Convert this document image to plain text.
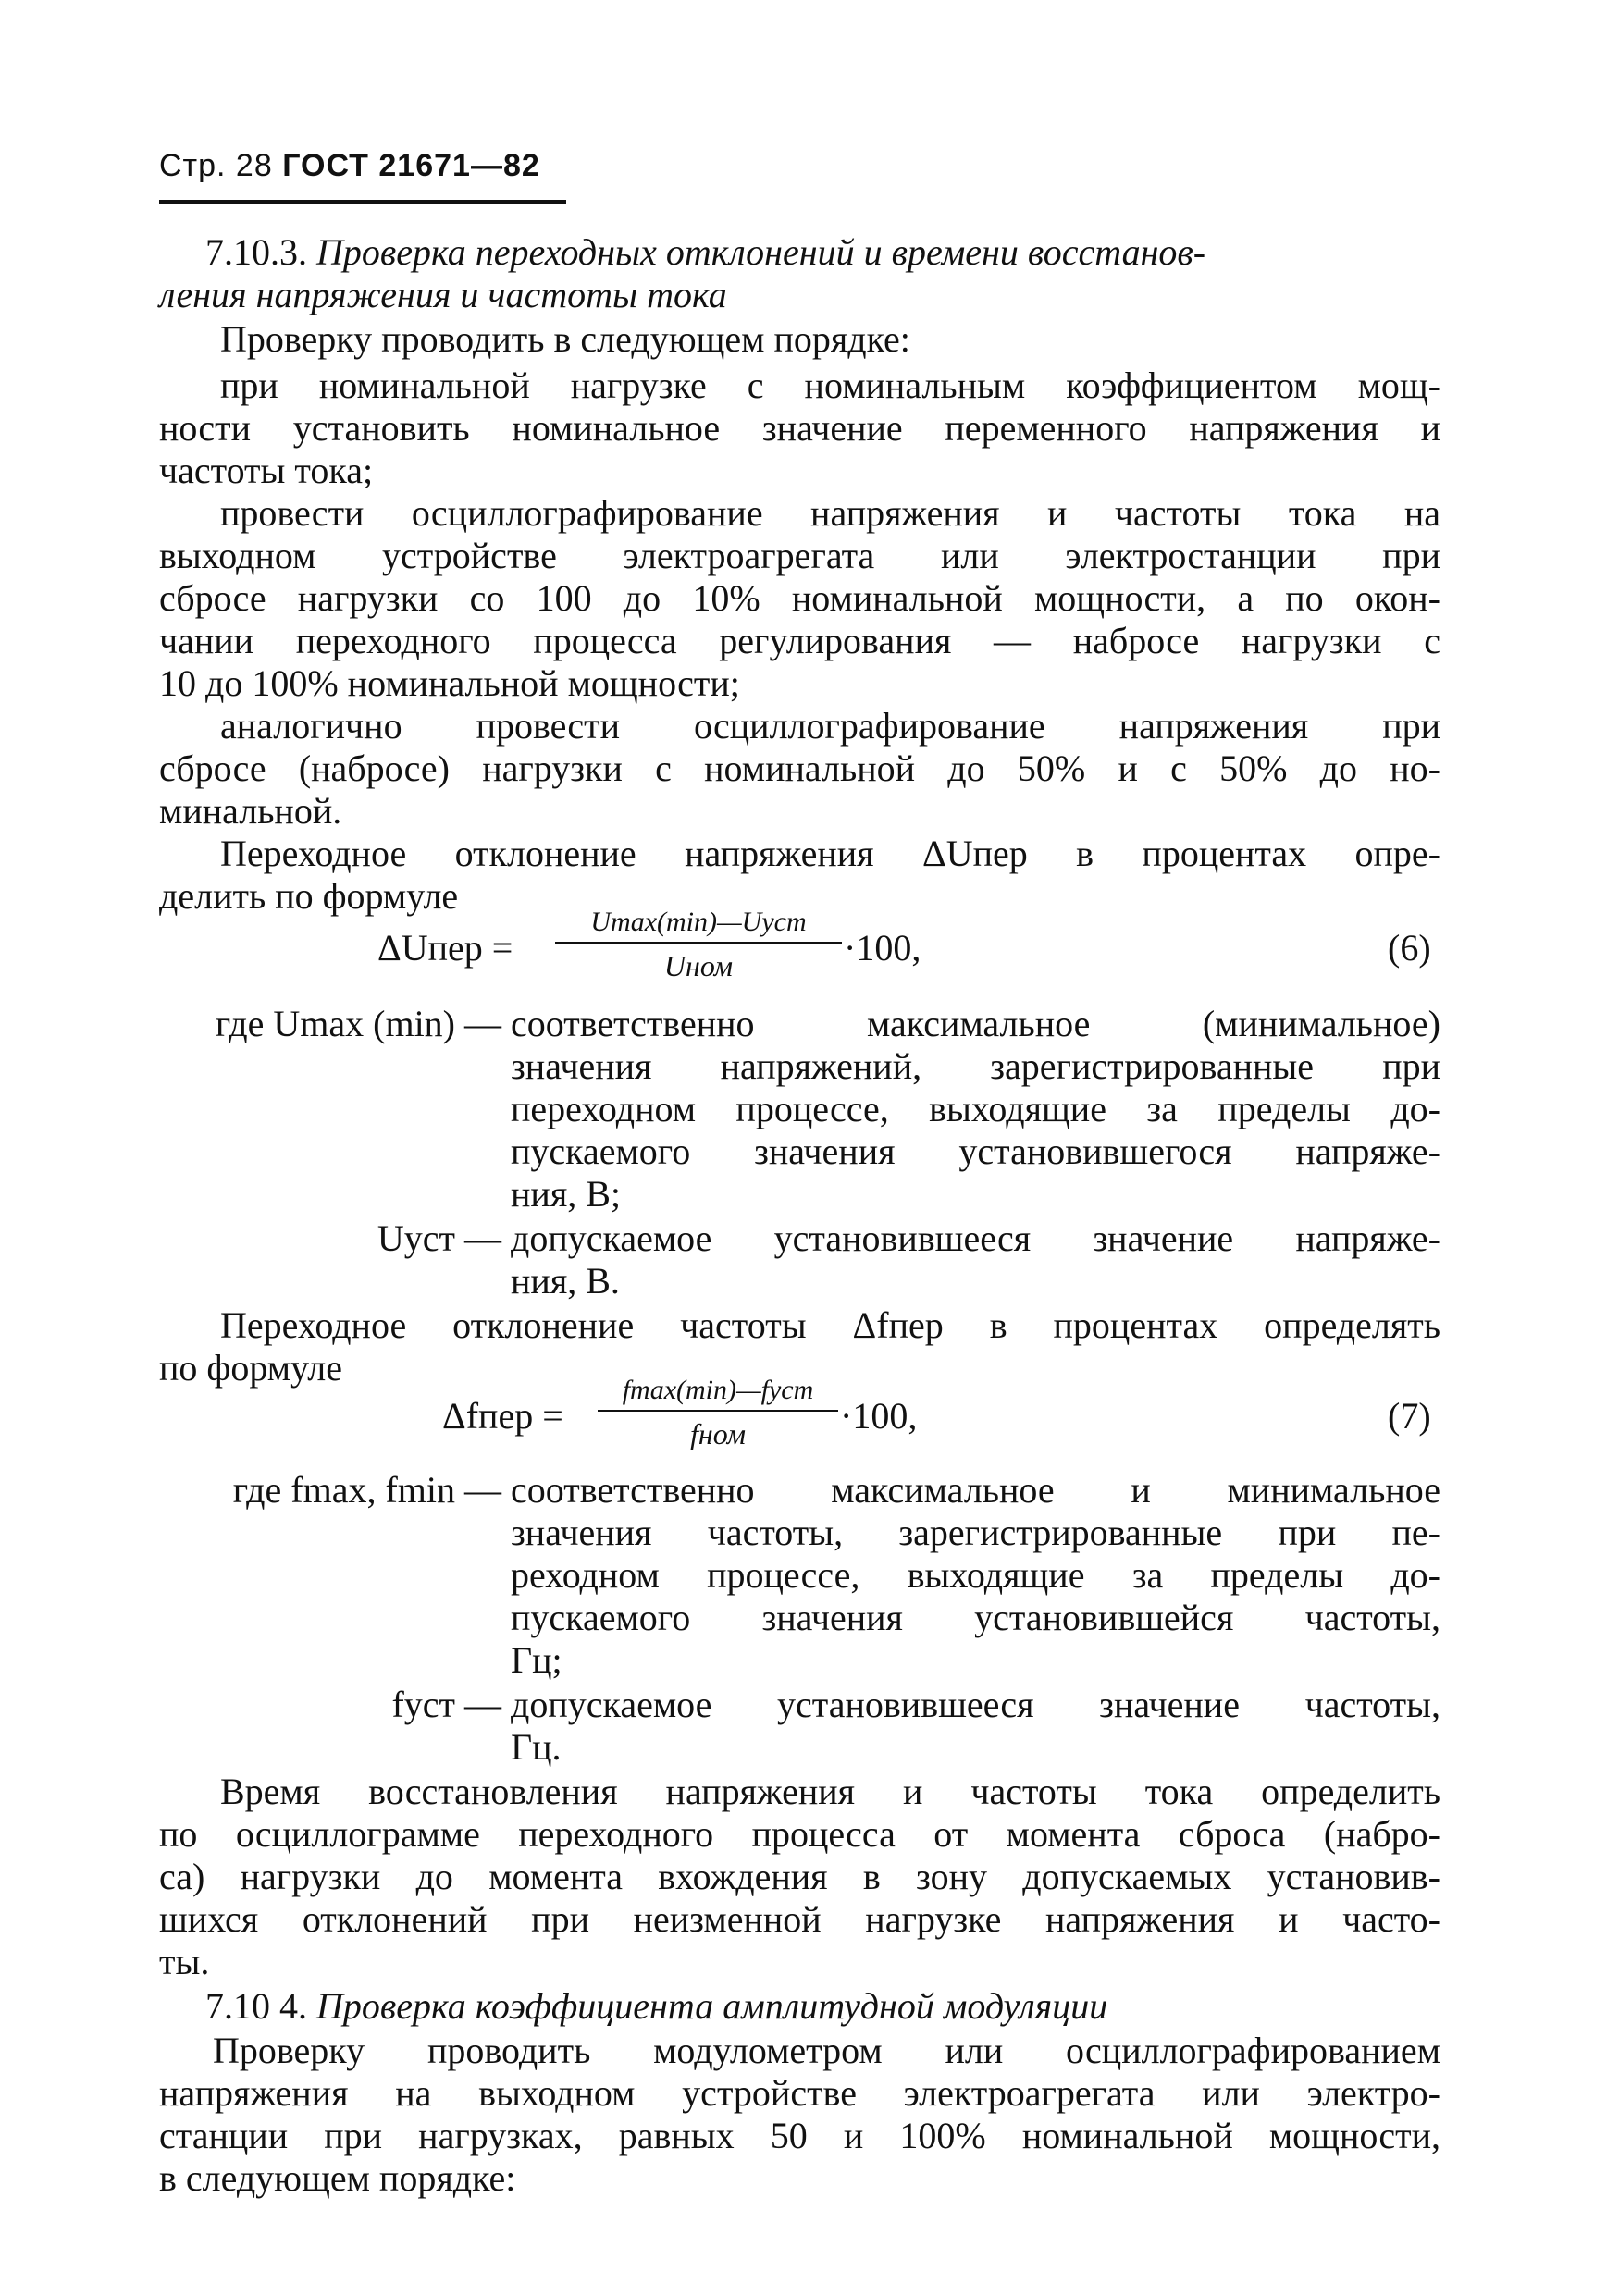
Стр. 28 ГОСТ 21671—82
7.10.3. Проверка переходных отклонений и времени восстанов-
ления напряжения и частоты тока
Проверку проводить в следующем порядке:
при номинальной нагрузке с номинальным коэффициентом мощ-
ности установить номинальное значение переменного напряжения и
частоты тока;
провести осциллографирование напряжения и частоты тока на
выходном устройстве электроагрегата или электростанции при
сбросе нагрузки со 100 до 10% номинальной мощности, а по окон-
чании переходного процесса регулирования — набросе нагрузки с
10 до 100% номинальной мощности;
аналогично провести осциллографирование напряжения при
сбросе (набросе) нагрузки с номинальной до 50% и с 50% до но-
минальной.
Переходное отклонение напряжения ΔUпер в процентах опре-
делить по формуле
ΔUпер =
Umax(min)—Uуст
Uном	·100,	(6)
где Umax (min) — соответственно максимальное (минимальное)
значения напряжений, зарегистрированные при
переходном процессе, выходящие за пределы до-
пускаемого значения установившегося напряже-
ния, В;
Uуст — допускаемое установившееся значение напряже-
ния, В.
Переходное отклонение частоты Δfпер в процентах определять
по формуле
Δfпер =
fmax(min)—fуст
fном	·100,	(7)
где fmax, fmin — соответственно максимальное и минимальное
значения частоты, зарегистрированные при пе-
реходном процессе, выходящие за пределы до-
пускаемого значения установившейся частоты,
Гц;
fуст — допускаемое установившееся значение частоты,
Гц.
Время восстановления напряжения и частоты тока определить
по осциллограмме переходного процесса от момента сброса (набро-
са) нагрузки до момента вхождения в зону допускаемых установив-
шихся отклонений при неизменной нагрузке напряжения и часто-
ты.
7.10 4. Проверка коэффициента амплитудной модуляции
Проверку проводить модулометром или осциллографированием
напряжения на выходном устройстве электроагрегата или электро-
станции при нагрузках, равных 50 и 100% номинальной мощности,
в следующем порядке:
